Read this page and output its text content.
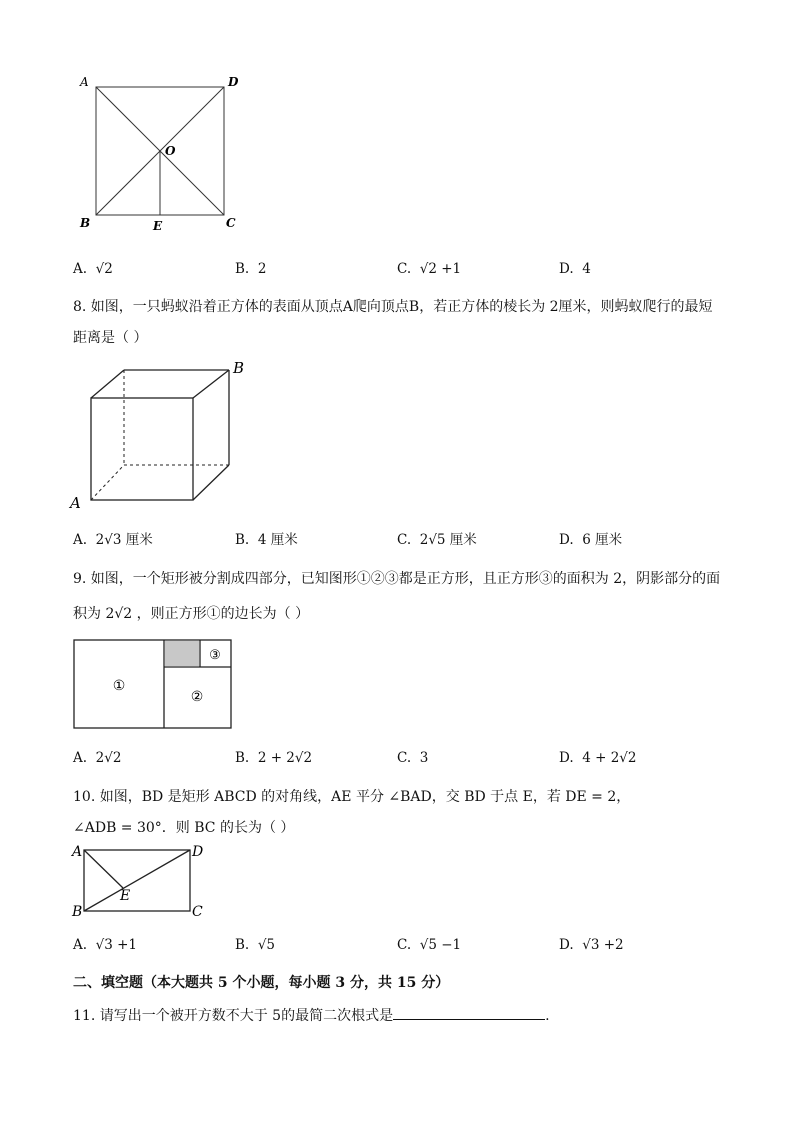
A	D
O
B	E	C
A. √2	B. 2	C. √2 +1	D. 4
8. 如图，一只蚂蚁沿着正方体的表面从顶点A爬向顶点B，若正方体的棱长为 2厘米，则蚂蚁爬行的最短
距离是（ ）
B
A
A. 2√3 厘米	B. 4 厘米	C. 2√5 厘米	D. 6 厘米
9. 如图，一个矩形被分割成四部分，已知图形①②③都是正方形，且正方形③的面积为 2，阴影部分的面
积为 2√2 ，则正方形①的边长为（ ）
①
②
③
A. 2√2	B. 2 + 2√2	C. 3	D. 4 + 2√2
10. 如图，BD 是矩形 ABCD 的对角线，AE 平分 ∠BAD，交 BD 于点 E，若 DE = 2，
∠ADB = 30°．则 BC 的长为（ ）
A	D
E
B	C
A. √3 +1	B. √5	C. √5 −1	D. √3 +2
二、填空题（本大题共 5 个小题，每小题 3 分，共 15 分）
11. 请写出一个被开方数不大于 5的最简二次根式是	.
